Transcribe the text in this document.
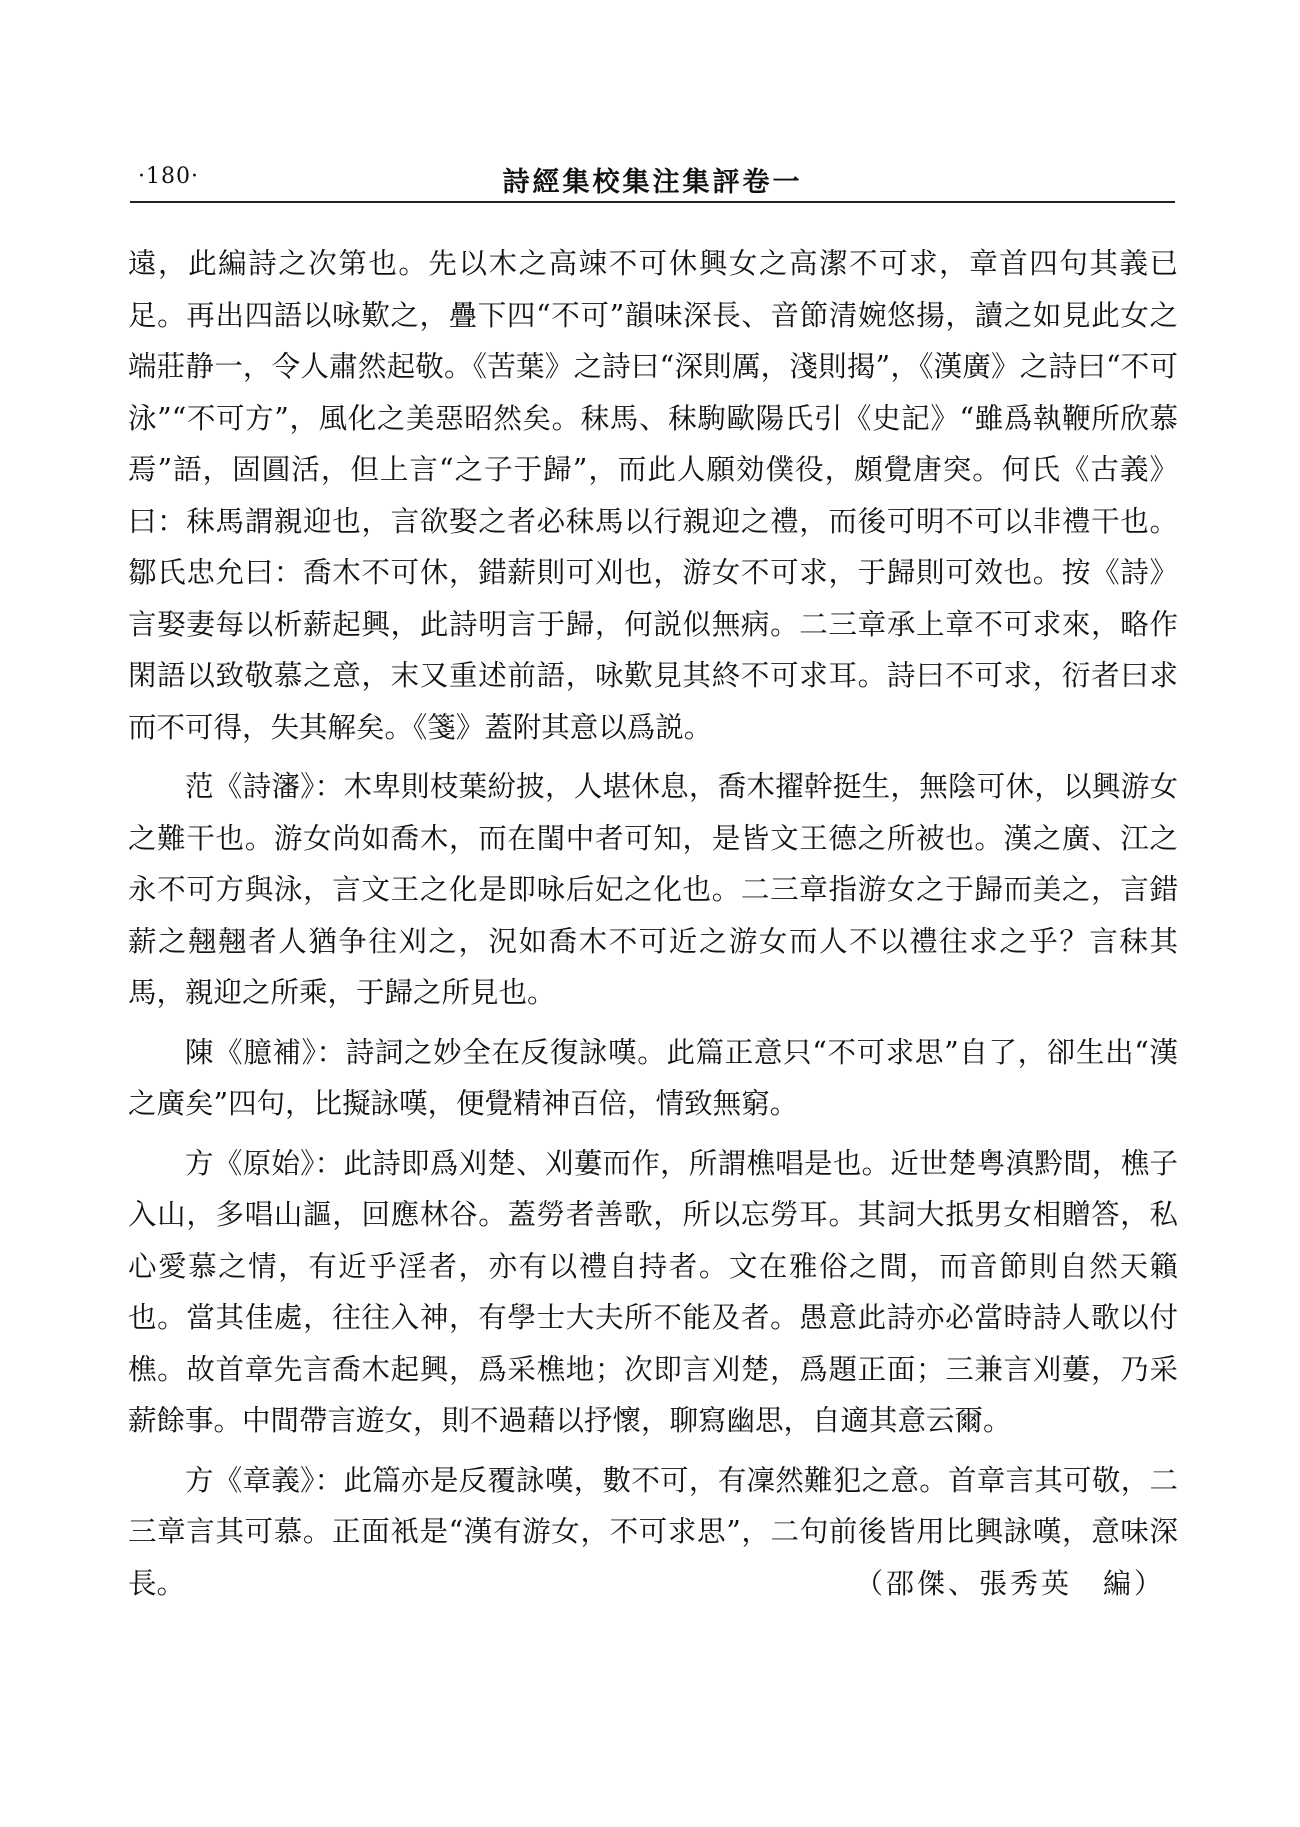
·180·	詩經集校集注集評卷一

遠，此編詩之次第也。先以木之高竦不可休興女之高潔不可求，章首四句其義已足。再出四語以咏歎之，疊下四“不可”韻味深長、音節清婉悠揚，讀之如見此女之端莊静一，令人肅然起敬。《苦葉》之詩曰“深則厲，淺則揭”，《漢廣》之詩曰“不可泳”“不可方”，風化之美惡昭然矣。秣馬、秣駒歐陽氏引《史記》“雖爲執鞭所欣慕焉”語，固圓活，但上言“之子于歸”，而此人願効僕役，頗覺唐突。何氏《古義》曰：秣馬謂親迎也，言欲娶之者必秣馬以行親迎之禮，而後可明不可以非禮干也。鄒氏忠允曰：喬木不可休，錯薪則可刈也，游女不可求，于歸則可效也。按《詩》言娶妻每以析薪起興，此詩明言于歸，何説似無病。二三章承上章不可求來，略作閑語以致敬慕之意，末又重述前語，咏歎見其終不可求耳。詩曰不可求，衍者曰求而不可得，失其解矣。《箋》蓋附其意以爲説。

范《詩瀋》：木卑則枝葉紛披，人堪休息，喬木擢幹挺生，無陰可休，以興游女之難干也。游女尚如喬木，而在閨中者可知，是皆文王德之所被也。漢之廣、江之永不可方與泳，言文王之化是即咏后妃之化也。二三章指游女之于歸而美之，言錯薪之翹翹者人猶争往刈之，況如喬木不可近之游女而人不以禮往求之乎？言秣其馬，親迎之所乘，于歸之所見也。

陳《臆補》：詩詞之妙全在反復詠嘆。此篇正意只“不可求思”自了，卻生出“漢之廣矣”四句，比擬詠嘆，便覺精神百倍，情致無窮。

方《原始》：此詩即爲刈楚、刈蔞而作，所謂樵唱是也。近世楚粤滇黔間，樵子入山，多唱山謳，回應林谷。蓋勞者善歌，所以忘勞耳。其詞大抵男女相贈答，私心愛慕之情，有近乎淫者，亦有以禮自持者。文在雅俗之間，而音節則自然天籟也。當其佳處，往往入神，有學士大夫所不能及者。愚意此詩亦必當時詩人歌以付樵。故首章先言喬木起興，爲采樵地；次即言刈楚，爲題正面；三兼言刈蔞，乃采薪餘事。中間帶言遊女，則不過藉以抒懷，聊寫幽思，自適其意云爾。

方《章義》：此篇亦是反覆詠嘆，數不可，有凜然難犯之意。首章言其可敬，二三章言其可慕。正面衹是“漢有游女，不可求思”，二句前後皆用比興詠嘆，意味深長。	（邵傑、張秀英　編）
